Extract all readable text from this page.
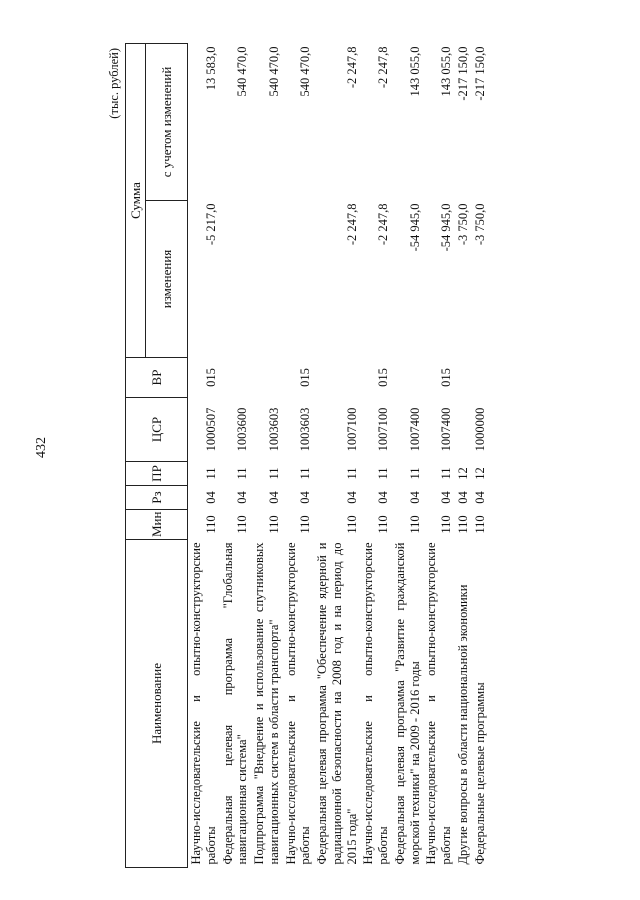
432
(тыс. рублей)
Наименование	Мин	Рз	ПР	ЦСР	ВР	Сумма	
						изменения	с учетом изменений
Научно-исследовательские и опытно-конструкторские работы	110	04	11	1000507	015	-5 217,0	13 583,0
Федеральная целевая программа "Глобальная навигационная система"	110	04	11	1003600			540 470,0
Подпрограмма "Внедрение и использование спутниковых навигационных систем в области транспорта"	110	04	11	1003603			540 470,0
Научно-исследовательские и опытно-конструкторские работы	110	04	11	1003603	015		540 470,0
Федеральная целевая программа "Обеспечение ядерной и радиационной безопасности на 2008 год и на период до 2015 года"	110	04	11	1007100		-2 247,8	-2 247,8
Научно-исследовательские и опытно-конструкторские работы	110	04	11	1007100	015	-2 247,8	-2 247,8
Федеральная целевая программа "Развитие гражданской морской техники" на 2009 - 2016 годы	110	04	11	1007400		-54 945,0	143 055,0
Научно-исследовательские и опытно-конструкторские работы	110	04	11	1007400	015	-54 945,0	143 055,0
Другие вопросы в области национальной экономики	110	04	12			-3 750,0	-217 150,0
Федеральные целевые программы	110	04	12	1000000		-3 750,0	-217 150,0
